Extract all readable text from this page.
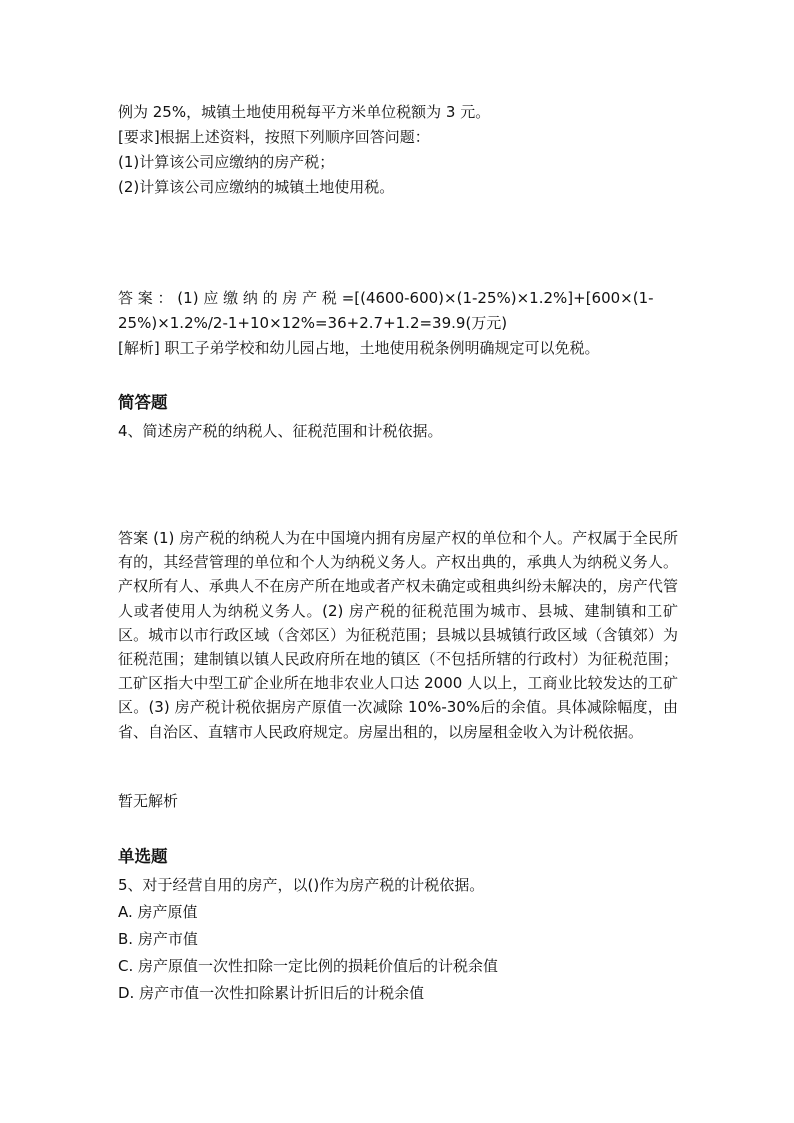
例为 25%，城镇土地使用税每平方米单位税额为 3 元。
[要求]根据上述资料，按照下列顺序回答问题：
(1)计算该公司应缴纳的房产税；
(2)计算该公司应缴纳的城镇土地使用税。
答 案 ： (1) 应 缴 纳 的 房 产 税 =[(4600-600)×(1-25%)×1.2%]+[600×(1-
25%)×1.2%/2-1+10×12%=36+2.7+1.2=39.9(万元)
[解析] 职工子弟学校和幼儿园占地，土地使用税条例明确规定可以免税。
简答题
4、简述房产税的纳税人、征税范围和计税依据。
答案 (1) 房产税的纳税人为在中国境内拥有房屋产权的单位和个人。产权属于全民所有的，其经营管理的单位和个人为纳税义务人。产权出典的，承典人为纳税义务人。产权所有人、承典人不在房产所在地或者产权未确定或租典纠纷未解决的，房产代管人或者使用人为纳税义务人。(2) 房产税的征税范围为城市、县城、建制镇和工矿区。城市以市行政区域（含郊区）为征税范围；县城以县城镇行政区域（含镇郊）为征税范围；建制镇以镇人民政府所在地的镇区（不包括所辖的行政村）为征税范围；工矿区指大中型工矿企业所在地非农业人口达 2000 人以上，工商业比较发达的工矿区。(3) 房产税计税依据房产原值一次减除 10%-30%后的余值。具体减除幅度，由省、自治区、直辖市人民政府规定。房屋出租的，以房屋租金收入为计税依据。
暂无解析
单选题
5、对于经营自用的房产，以()作为房产税的计税依据。
A. 房产原值
B. 房产市值
C. 房产原值一次性扣除一定比例的损耗价值后的计税余值
D. 房产市值一次性扣除累计折旧后的计税余值
